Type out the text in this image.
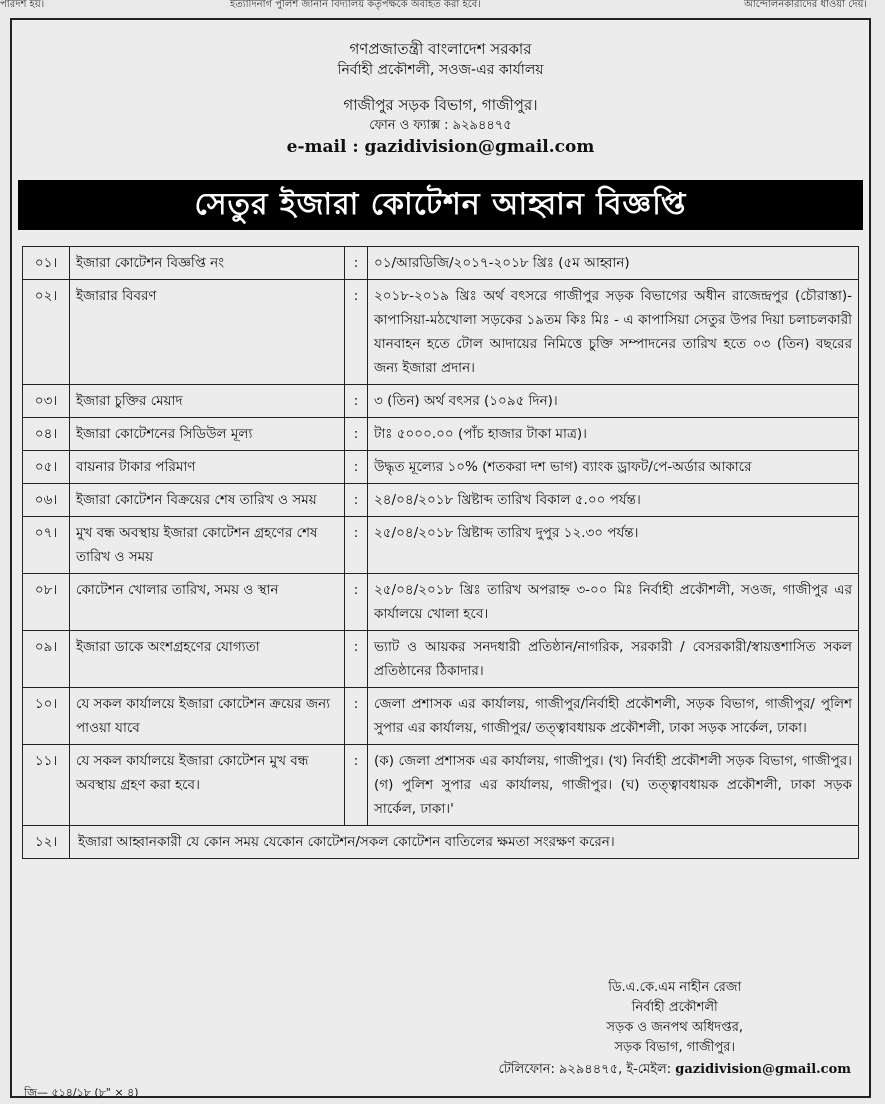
পারদর্শ হয়।	ইত্যাদিনাগ পুলিশ জানান বিদ্যালয় কর্তৃপক্ষকে অবহিত করা হবে।	আন্দোলনকারীদের ধাওয়া দেয়।
গণপ্রজাতন্ত্রী বাংলাদেশ সরকার
নির্বাহী প্রকৌশলী, সওজ-এর কার্যালয়
গাজীপুর সড়ক বিভাগ, গাজীপুর।
ফোন ও ফ্যাক্স : ৯২৯৪৪৭৫
e-mail : gazidivision@gmail.com
সেতুর ইজারা কোটেশন আহ্বান বিজ্ঞপ্তি
০১।	ইজারা কোটেশন বিজ্ঞপ্তি নং	:	০১/আরডিজি/২০১৭-২০১৮ খ্রিঃ (৫ম আহ্বান)
০২।	ইজারার বিবরণ	:	২০১৮-২০১৯ খ্রিঃ অর্থ বৎসরে গাজীপুর সড়ক বিভাগের অধীন রাজেন্দ্রপুর (চৌরাস্তা)- কাপাসিয়া-মঠখোলা সড়কের ১৯তম কিঃ মিঃ - এ কাপাসিয়া সেতুর উপর দিয়া চলাচলকারী যানবাহন হতে টোল আদায়ের নিমিত্তে চুক্তি সম্পাদনের তারিখ হতে ০৩ (তিন) বছরের জন্য ইজারা প্রদান।
০৩।	ইজারা চুক্তির মেয়াদ	:	৩ (তিন) অর্থ বৎসর (১০৯৫ দিন)।
০৪।	ইজারা কোটেশনের সিডিউল মূল্য	:	টাঃ ৫০০০.০০ (পাঁচ হাজার টাকা মাত্র)।
০৫।	বায়নার টাকার পরিমাণ	:	উদ্ধৃত মূল্যের ১০% (শতকরা দশ ভাগ) ব্যাংক ড্রাফট/পে-অর্ডার আকারে
০৬।	ইজারা কোটেশন বিক্রয়ের শেষ তারিখ ও সময়	:	২৪/০৪/২০১৮ খ্রিষ্টাব্দ তারিখ বিকাল ৫.০০ পর্যন্ত।
০৭।	মুখ বন্ধ অবস্থায় ইজারা কোটেশন গ্রহণের শেষ তারিখ ও সময়	:	২৫/০৪/২০১৮ খ্রিষ্টাব্দ তারিখ দুপুর ১২.৩০ পর্যন্ত।
০৮।	কোটেশন খোলার তারিখ, সময় ও স্থান	:	২৫/০৪/২০১৮ খ্রিঃ তারিখ অপরাহ্ন ৩-০০ মিঃ নির্বাহী প্রকৌশলী, সওজ, গাজীপুর এর কার্যালয়ে খোলা হবে।
০৯।	ইজারা ডাকে অংশগ্রহণের যোগ্যতা	:	ভ্যাট ও আয়কর সনদধারী প্রতিষ্ঠান/নাগরিক, সরকারী / বেসরকারী/স্বায়ত্তশাসিত সকল প্রতিষ্ঠানের ঠিকাদার।
১০।	যে সকল কার্যালয়ে ইজারা কোটেশন ক্রয়ের জন্য পাওয়া যাবে	:	জেলা প্রশাসক এর কার্যালয়, গাজীপুর/নির্বাহী প্রকৌশলী, সড়ক বিভাগ, গাজীপুর/ পুলিশ সুপার এর কার্যালয়, গাজীপুর/ তত্ত্বাবধায়ক প্রকৌশলী, ঢাকা সড়ক সার্কেল, ঢাকা।
১১।	যে সকল কার্যালয়ে ইজারা কোটেশন মুখ বন্ধ অবস্থায় গ্রহণ করা হবে।	:	(ক) জেলা প্রশাসক এর কার্যালয়, গাজীপুর। (খ) নির্বাহী প্রকৌশলী সড়ক বিভাগ, গাজীপুর। (গ) পুলিশ সুপার এর কার্যালয়, গাজীপুর। (ঘ) তত্ত্বাবধায়ক প্রকৌশলী, ঢাকা সড়ক সার্কেল, ঢাকা।'
১২।	ইজারা আহ্বানকারী যে কোন সময় যেকোন কোটেশন/সকল কোটেশন বাতিলের ক্ষমতা সংরক্ষণ করেন।		
ডি.এ.কে.এম নাহীন রেজা
নির্বাহী প্রকৌশলী
সড়ক ও জনপথ অধিদপ্তর,
সড়ক বিভাগ, গাজীপুর।
টেলিফোন: ৯২৯৪৪৭৫, ই-মেইল: gazidivision@gmail.com
জি— ৫১৪/১৮ (৮" × ৪)
